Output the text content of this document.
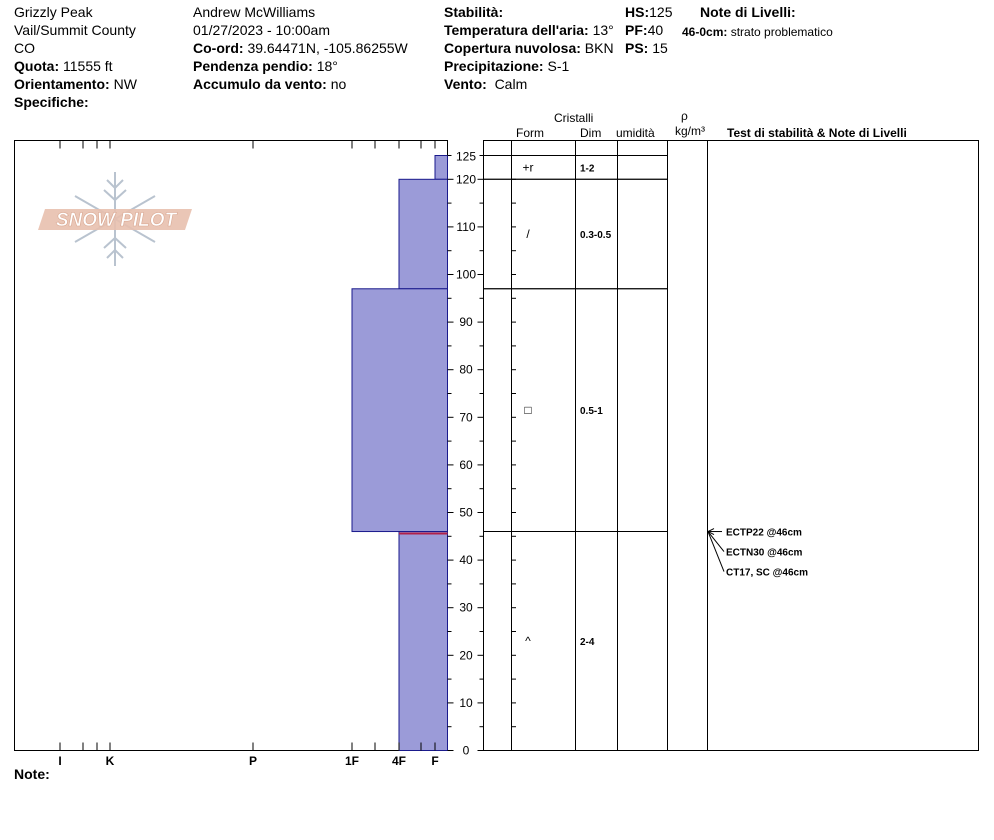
Grizzly Peak
Vail/Summit County
CO
Quota: 11555 ft
Orientamento: NW
Specifiche:
Andrew McWilliams
01/27/2023 - 10:00am
Co-ord: 39.64471N, -105.86255W
Pendenza pendio: 18°
Accumulo da vento: no
Stabilità:
Temperatura dell'aria: 13°
Copertura nuvolosa: BKN
Precipitazione: S-1
Vento: Calm
HS:125
PF:40
PS: 15
Note di Livelli:
46-0cm: strato problematico
Cristalli
Form	Dim umidità
ρ
kg/m³ Test di stabilità & Note di Livelli
Note:
SNOW PILOT
I	K	P	1F	4F F
0
10
20
30
40
50
60
70
80
90
100
110
120
125
+r	1-2
/	0.3-0.5
□	0.5-1
^	2-4
ECTP22 @46cm
ECTN30 @46cm
CT17, SC @46cm
